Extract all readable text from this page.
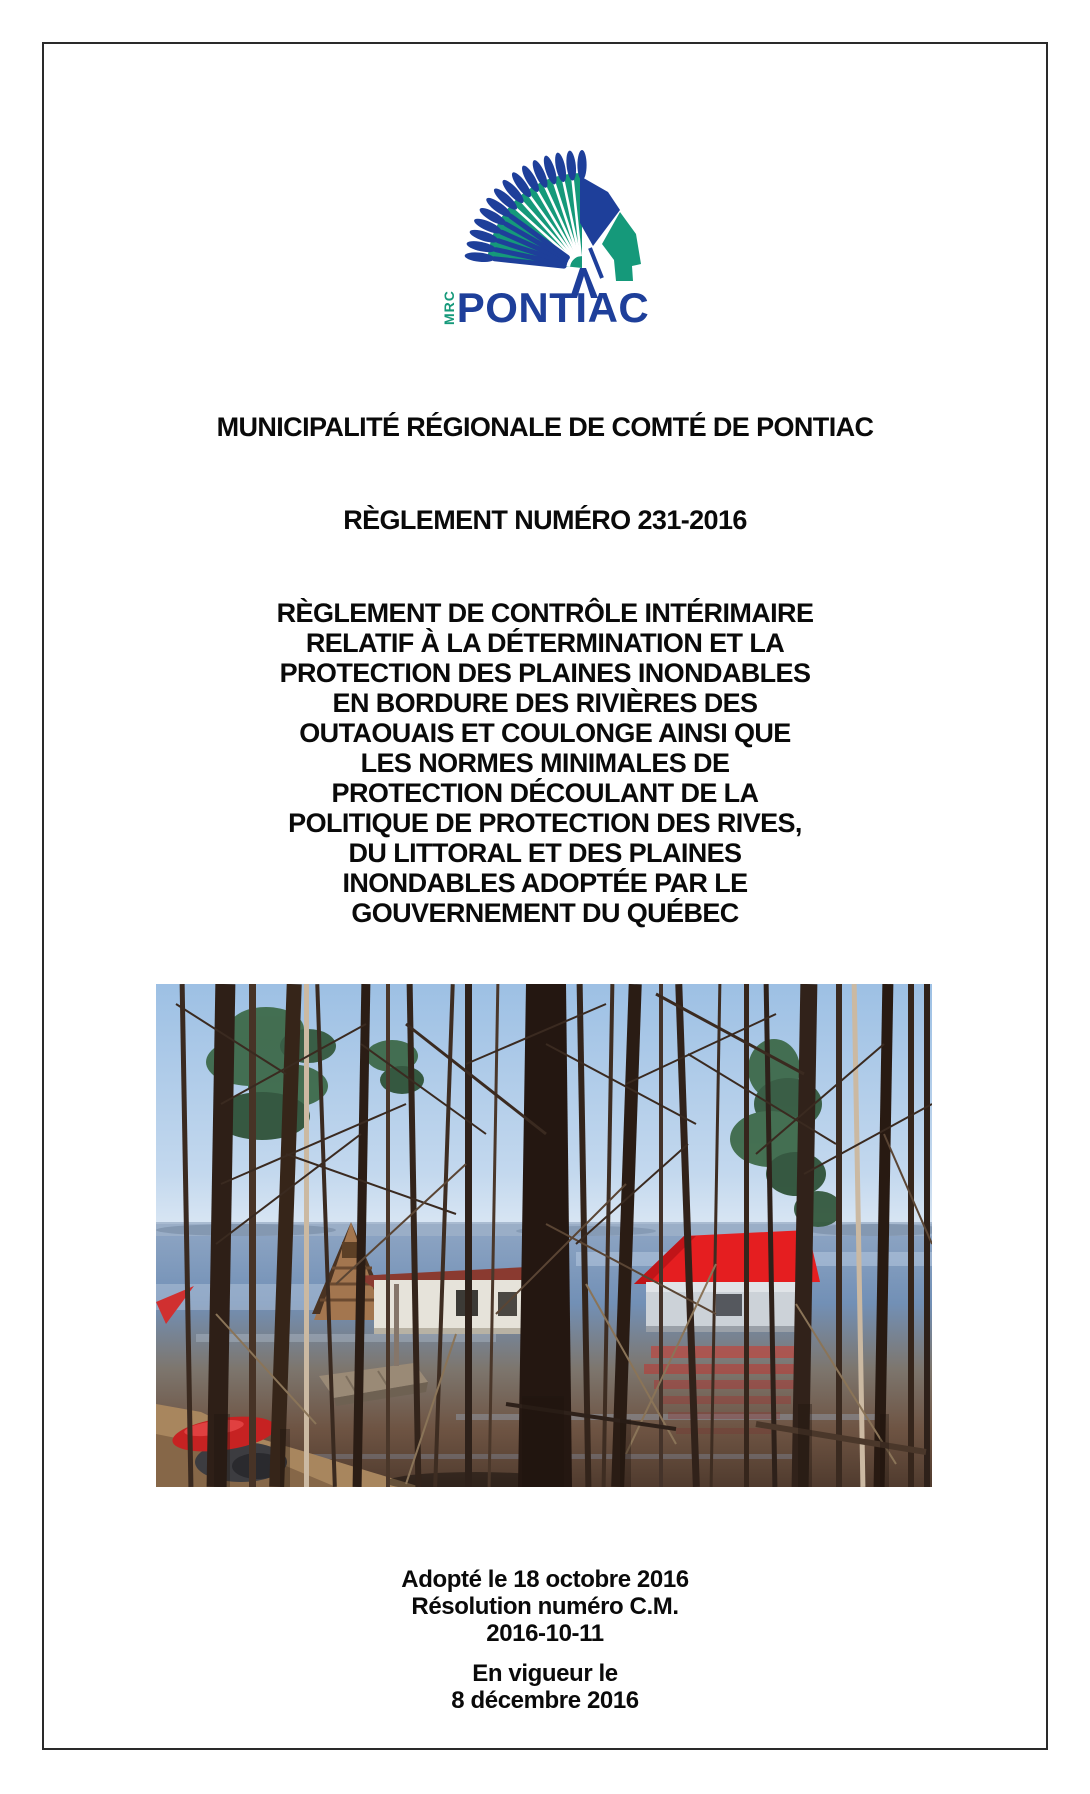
MRC PONTIAC
MUNICIPALITÉ RÉGIONALE DE COMTÉ DE PONTIAC
RÈGLEMENT NUMÉRO 231-2016
RÈGLEMENT DE CONTRÔLE INTÉRIMAIRE
RELATIF À LA DÉTERMINATION ET LA
PROTECTION DES PLAINES INONDABLES
EN BORDURE DES RIVIÈRES DES
OUTAOUAIS ET COULONGE AINSI QUE
LES NORMES MINIMALES DE
PROTECTION DÉCOULANT DE LA
POLITIQUE DE PROTECTION DES RIVES,
DU LITTORAL ET DES PLAINES
INONDABLES ADOPTÉE PAR LE
GOUVERNEMENT DU QUÉBEC
Adopté le 18 octobre 2016
Résolution numéro C.M.
2016-10-11
En vigueur le
8 décembre 2016
